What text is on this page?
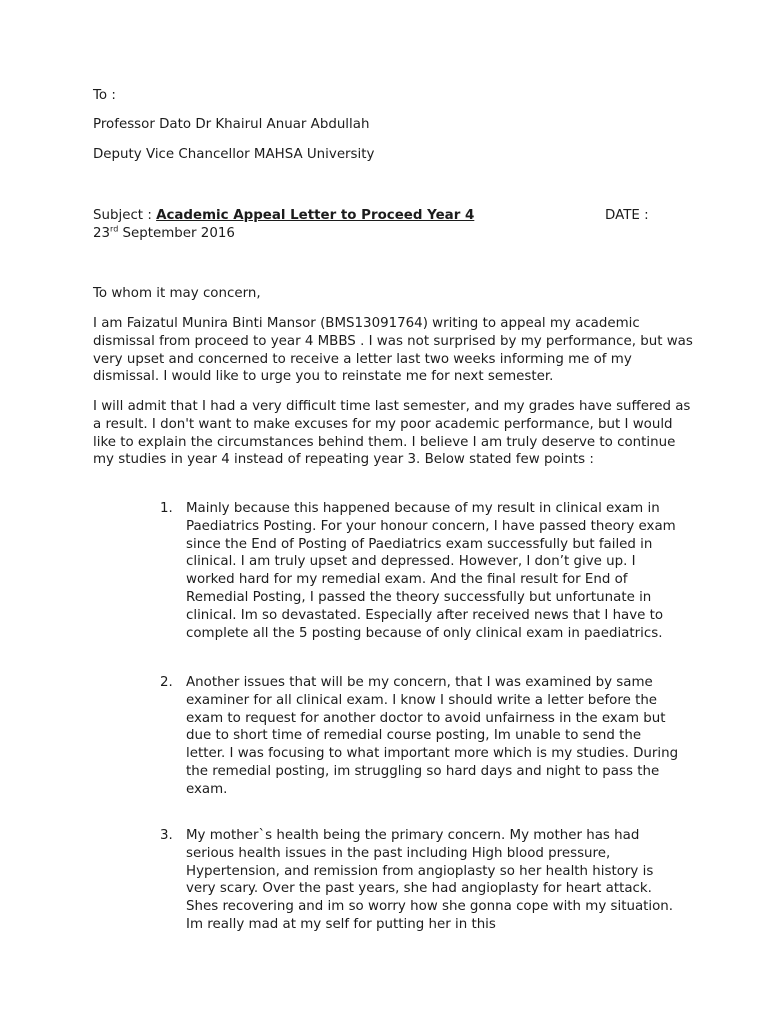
To :
Professor Dato Dr Khairul Anuar Abdullah
Deputy Vice Chancellor MAHSA University
Subject : Academic Appeal Letter to Proceed Year 4	DATE :
23rd September 2016
To whom it may concern,

I am Faizatul Munira Binti Mansor (BMS13091764) writing to appeal my academic dismissal from proceed to year 4 MBBS . I was not surprised by my performance, but was very upset and concerned to receive a letter last two weeks informing me of my dismissal. I would like to urge you to reinstate me for next semester.

I will admit that I had a very difficult time last semester, and my grades have suffered as a result. I don't want to make excuses for my poor academic performance, but I would like to explain the circumstances behind them. I believe I am truly deserve to continue my studies in year 4 instead of repeating year 3. Below stated few points :

1. Mainly because this happened because of my result in clinical exam in Paediatrics Posting. For your honour concern, I have passed theory exam since the End of Posting of Paediatrics exam successfully but failed in clinical. I am truly upset and depressed. However, I don’t give up. I worked hard for my remedial exam. And the final result for End of Remedial Posting, I passed the theory successfully but unfortunate in clinical. Im so devastated. Especially after received news that I have to complete all the 5 posting because of only clinical exam in paediatrics.
2. Another issues that will be my concern, that I was examined by same examiner for all clinical exam. I know I should write a letter before the exam to request for another doctor to avoid unfairness in the exam but due to short time of remedial course posting, Im unable to send the letter. I was focusing to what important more which is my studies. During the remedial posting, im struggling so hard days and night to pass the exam.
3. My mother`s health being the primary concern. My mother has had serious health issues in the past including High blood pressure, Hypertension, and remission from angioplasty so her health history is very scary. Over the past years, she had angioplasty for heart attack. Shes recovering and im so worry how she gonna cope with my situation. Im really mad at my self for putting her in this
